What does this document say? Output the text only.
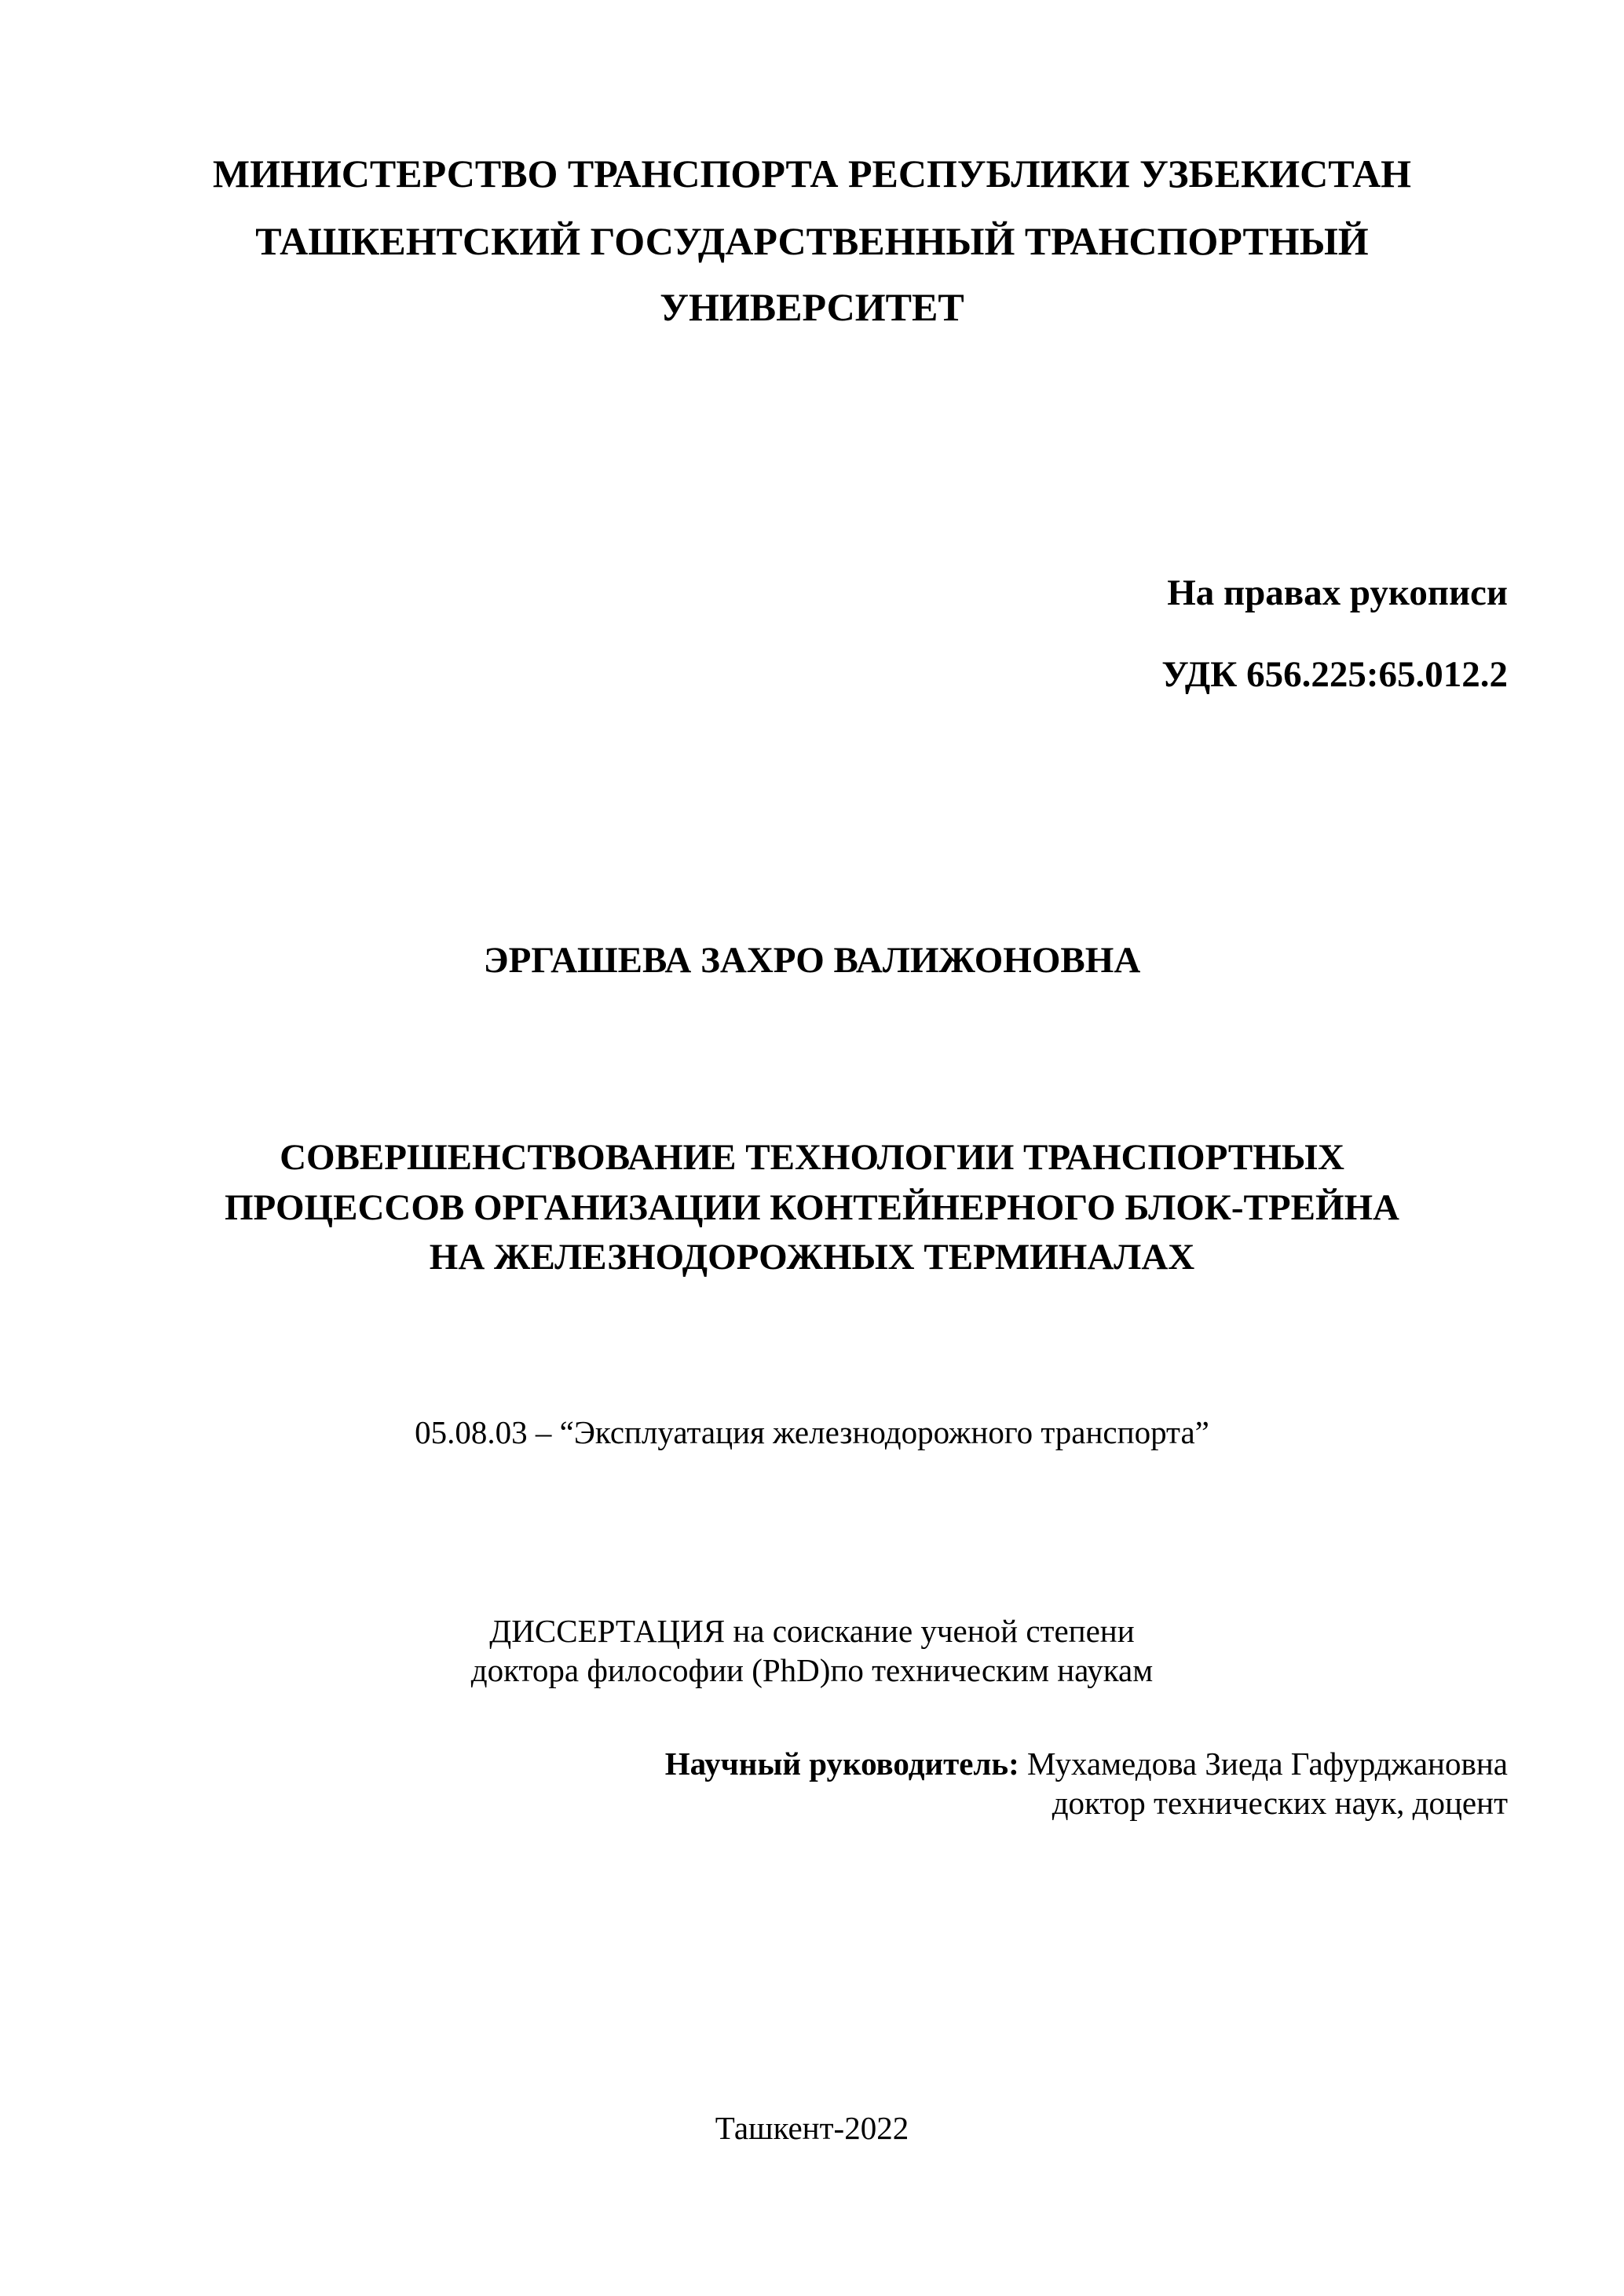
МИНИСТЕРСТВО ТРАНСПОРТА РЕСПУБЛИКИ УЗБЕКИСТАН
ТАШКЕНТСКИЙ ГОСУДАРСТВЕННЫЙ ТРАНСПОРТНЫЙ
УНИВЕРСИТЕТ
На правах рукописи
УДК 656.225:65.012.2
ЭРГАШЕВА ЗАХРО ВАЛИЖОНОВНА
СОВЕРШЕНСТВОВАНИЕ ТЕХНОЛОГИИ ТРАНСПОРТНЫХ
ПРОЦЕССОВ ОРГАНИЗАЦИИ КОНТЕЙНЕРНОГО БЛОК-ТРЕЙНА
НА ЖЕЛЕЗНОДОРОЖНЫХ ТЕРМИНАЛАХ
05.08.03 – “Эксплуатация железнодорожного транспорта”
ДИССЕРТАЦИЯ на соискание ученой степени
доктора философии (PhD)по техническим наукам
Научный руководитель: Мухамедова Зиеда Гафурджановна
доктор технических наук, доцент
Ташкент-2022
